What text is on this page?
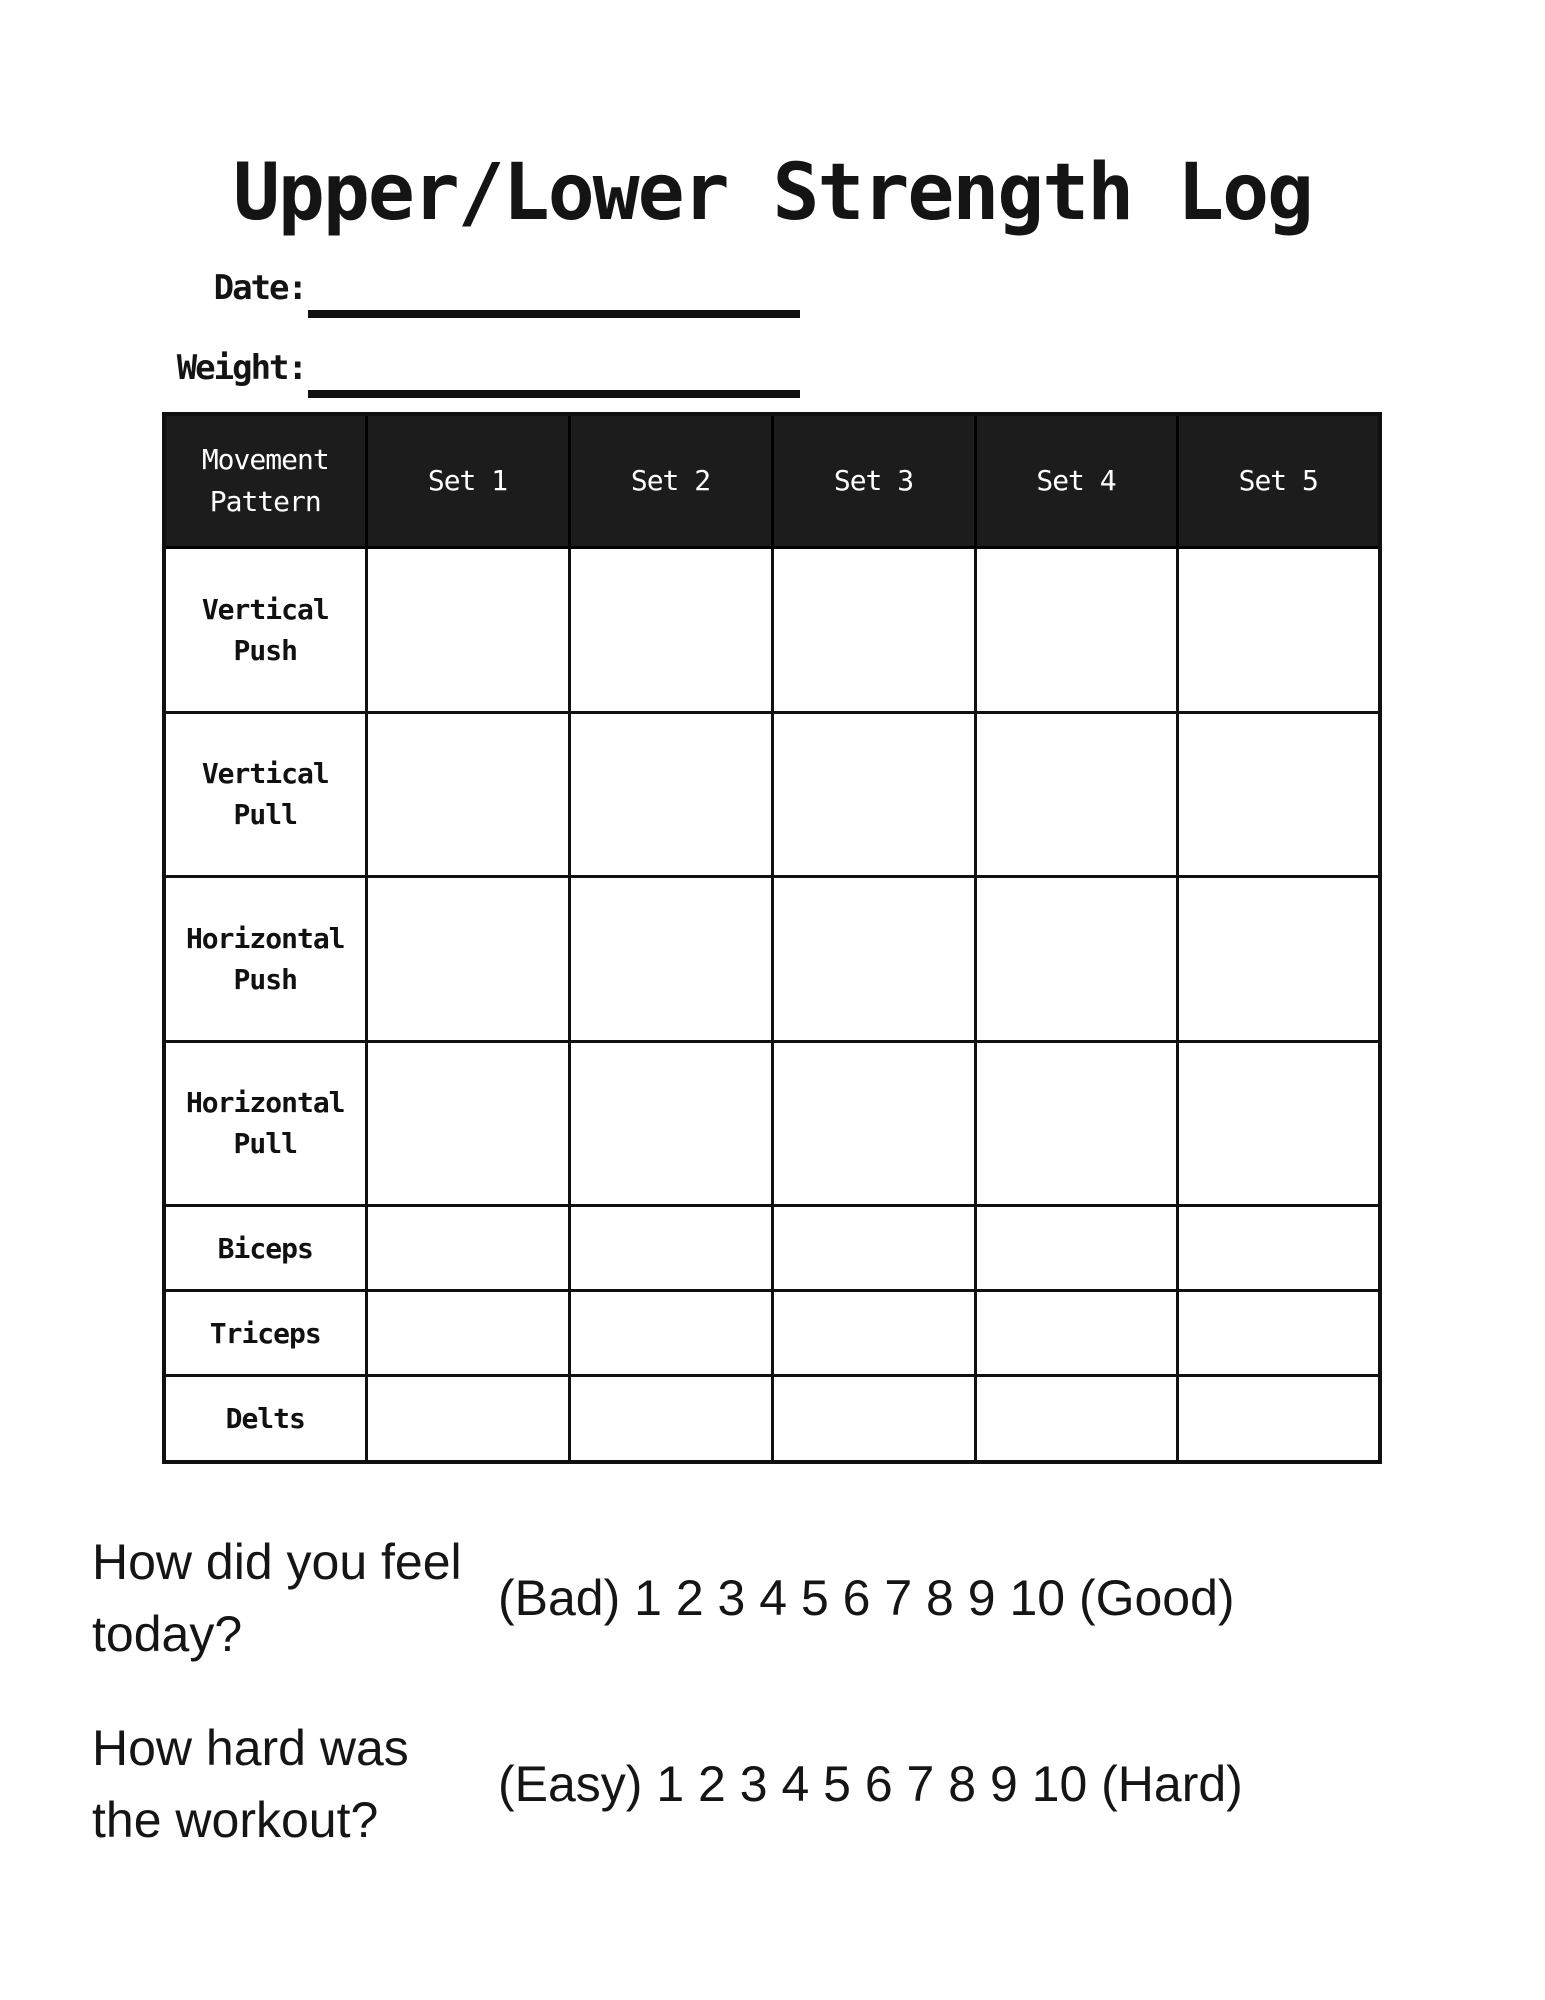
Upper/Lower Strength Log
Date:
Weight:
Movement Pattern	Set 1	Set 2	Set 3	Set 4	Set 5
Vertical Push					
Vertical Pull					
Horizontal Push					
Horizontal Pull					
Biceps					
Triceps					
Delts					
How did you feel today?
(Bad) 1 2 3 4 5 6 7 8 9 10 (Good)
How hard was the workout?
(Easy) 1 2 3 4 5 6 7 8 9 10 (Hard)
